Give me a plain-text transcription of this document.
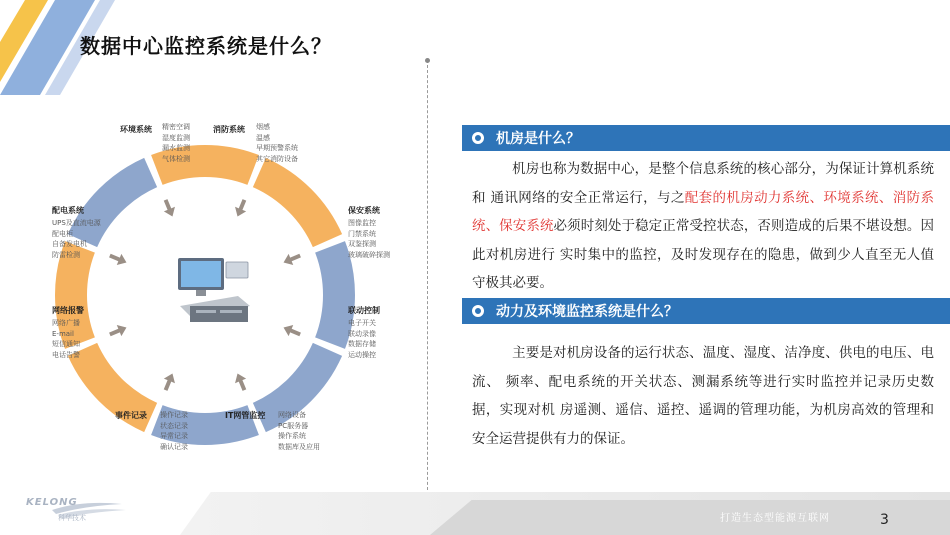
数据中心监控系统是什么？
环境系统 精密空调
湿度监测
漏水监测
气体检测
消防系统 烟感
温感
早期预警系统
其它消防设备
保安系统
图像监控
门禁系统
双鉴探测
玻璃破碎探测
联动控制
电子开关
联动录像
数据存储
运动操控
IT网管监控 网络设备
PC服务器
操作系统
数据库及应用
事件记录 操作记录
状态记录
异常记录
确认记录
网络报警
网络广播
E-mail
短信通知
电话告警
配电系统
UPS及直流电源
配电柜
自备发电机
防雷检测
机房是什么？
机房也称为数据中心，是整个信息系统的核心部分，为保证计算机系统和 通讯网络的安全正常运行，与之配套的机房动力系统、环境系统、消防系统、保安系统必须时刻处于稳定正常受控状态，否则造成的后果不堪设想。因此对机房进行 实时集中的监控，及时发现存在的隐患，做到少人直至无人值守极其必要。
动力及环境监控系统是什么？
主要是对机房设备的运行状态、温度、湿度、洁净度、供电的电压、电流、 频率、配电系统的开关状态、测漏系统等进行实时监控并记录历史数据，实现对机 房遥测、遥信、遥控、遥调的管理功能，为机房高效的管理和安全运营提供有力的保证。
打造生态型能源互联网	3
KELONG
科华技术
